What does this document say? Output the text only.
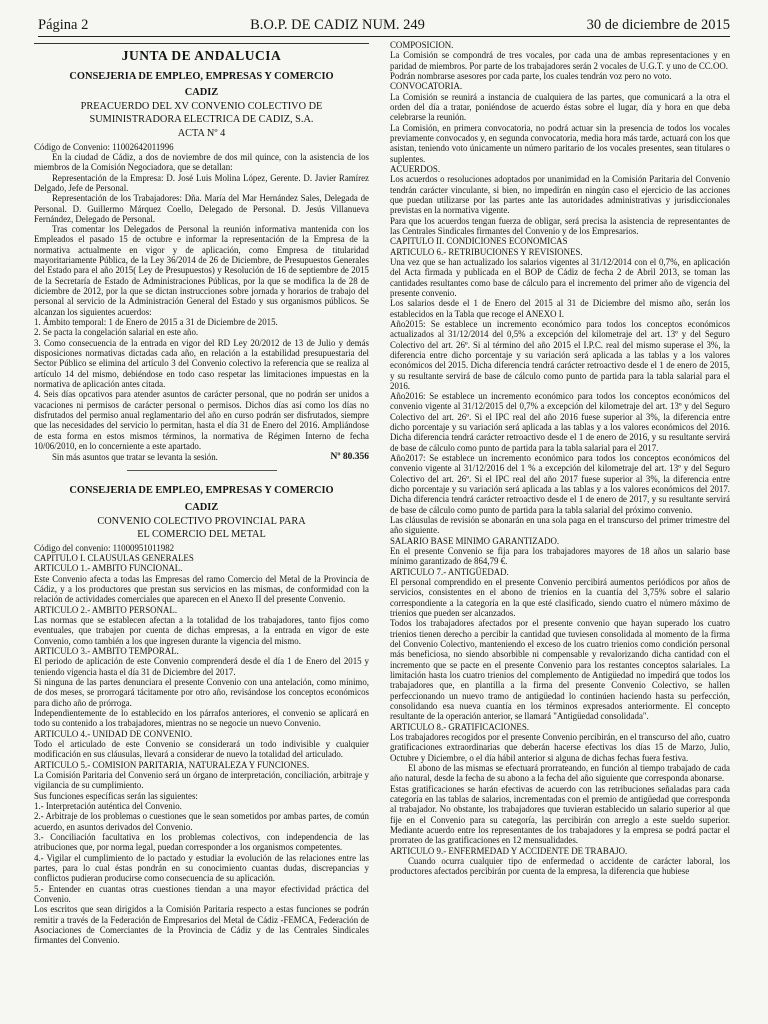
Página 2	B.O.P. DE CADIZ NUM. 249	30 de diciembre de 2015
JUNTA DE ANDALUCIA
CONSEJERIA DE EMPLEO, EMPRESAS Y COMERCIO
CADIZ
PREACUERDO DEL XV CONVENIO COLECTIVO DE
SUMINISTRADORA ELECTRICA DE CADIZ, S.A.
ACTA Nº 4

Código de Convenio: 11002642011996

En la ciudad de Cádiz, a dos de noviembre de dos mil quince, con la asistencia de los miembros de la Comisión Negociadora, que se detallan:

Representación de la Empresa: D. José Luis Molina López, Gerente. D. Javier Ramírez Delgado, Jefe de Personal.

Representación de los Trabajadores: Dña. María del Mar Hernández Sales, Delegada de Personal. D. Guillermo Márquez Coello, Delegado de Personal. D. Jesús Villanueva Fernández, Delegado de Personal.

Tras comentar los Delegados de Personal la reunión informativa mantenida con los Empleados el pasado 15 de octubre e informar la representación de la Empresa de la normativa actualmente en vigor y de aplicación, como Empresa de titularidad mayoritariamente Pública, de la Ley 36/2014 de 26 de Diciembre, de Presupuestos Generales del Estado para el año 2015( Ley de Presupuestos) y Resolución de 16 de septiembre de 2015 de la Secretaría de Estado de Administraciones Públicas, por la que se modifica la de 28 de diciembre de 2012, por la que se dictan instrucciones sobre jornada y horarios de trabajo del personal al servicio de la Administración General del Estado y sus organismos públicos. Se alcanzan los siguientes acuerdos:

1. Ámbito temporal: 1 de Enero de 2015 a 31 de Diciembre de 2015.

2. Se pacta la congelación salarial en este año.

3. Como consecuencia de la entrada en vigor del RD Ley 20/2012 de 13 de Julio y demás disposiciones normativas dictadas cada año, en relación a la estabilidad presupuestaria del Sector Público se elimina del artículo 3 del Convenio colectivo la referencia que se realiza al artículo 14 del mismo, debiéndose en todo caso respetar las limitaciones impuestas en la normativa de aplicación antes citada.

4. Seis días opcativos para atender asuntos de carácter personal, que no podrán ser unidos a vacaciones ni permisos de carácter personal o permisos. Dichos días así como los días no disfrutados del permiso anual reglamentario del año en curso podrán ser disfrutados, siempre que las necesidades del servicio lo permitan, hasta el día 31 de Enero del 2016. Ampliándose de esta forma en estos mismos términos, la normativa de Régimen Interno de fecha 10/06/2010, en lo concerniente a este apartado.

Sin más asuntos que tratar se levanta la sesión.	Nº 80.356
CONSEJERIA DE EMPLEO, EMPRESAS Y COMERCIO
CADIZ
CONVENIO COLECTIVO PROVINCIAL PARA
EL COMERCIO DEL METAL

Código del convenio: 11000951011982

CAPITULO I. CLAUSULAS GENERALES

ARTICULO 1.- AMBITO FUNCIONAL.

Este Convenio afecta a todas las Empresas del ramo Comercio del Metal de la Provincia de Cádiz, y a los productores que prestan sus servicios en las mismas, de conformidad con la relación de actividades comerciales que aparecen en el Anexo II del presente Convenio.

ARTICULO 2.- AMBITO PERSONAL.

Las normas que se establecen afectan a la totalidad de los trabajadores, tanto fijos como eventuales, que trabajen por cuenta de dichas empresas, a la entrada en vigor de este Convenio, como también a los que ingresen durante la vigencia del mismo.

ARTICULO 3.- AMBITO TEMPORAL.

El periodo de aplicación de este Convenio comprenderá desde el día 1 de Enero del 2015 y teniendo vigencia hasta el día 31 de Diciembre del 2017.

Si ninguna de las partes denunciara el presente Convenio con una antelación, como mínimo, de dos meses, se prorrogará tácitamente por otro año, revisándose los conceptos económicos para dicho año de prórroga.

Independientemente de lo establecido en los párrafos anteriores, el convenio se aplicará en todo su contenido a los trabajadores, mientras no se negocie un nuevo Convenio.

ARTICULO 4.- UNIDAD DE CONVENIO.

Todo el articulado de este Convenio se considerará un todo indivisible y cualquier modificación en sus cláusulas, llevará a considerar de nuevo la totalidad del articulado.

ARTICULO 5.- COMISION PARITARIA, NATURALEZA Y FUNCIONES.

La Comisión Paritaria del Convenio será un órgano de interpretación, conciliación, arbitraje y vigilancia de su cumplimiento.

Sus funciones específicas serán las siguientes:

1.- Interpretación auténtica del Convenio.

2.- Arbitraje de los problemas o cuestiones que le sean sometidos por ambas partes, de común acuerdo, en asuntos derivados del Convenio.

3.- Conciliación facultativa en los problemas colectivos, con independencia de las atribuciones que, por norma legal, puedan corresponder a los organismos competentes.

4.- Vigilar el cumplimiento de lo pactado y estudiar la evolución de las relaciones entre las partes, para lo cual éstas pondrán en su conocimiento cuantas dudas, discrepancias y conflictos pudieran producirse como consecuencia de su aplicación.

5.- Entender en cuantas otras cuestiones tiendan a una mayor efectividad práctica del Convenio.

Los escritos que sean dirigidos a la Comisión Paritaria respecto a estas funciones se podrán remitir a través de la Federación de Empresarios del Metal de Cádiz -FEMCA, Federación de Asociaciones de Comerciantes de la Provincia de Cádiz y de las Centrales Sindicales firmantes del Convenio.

COMPOSICION.

La Comisión se compondrá de tres vocales, por cada una de ambas representaciones y en paridad de miembros. Por parte de los trabajadores serán 2 vocales de U.G.T. y uno de CC.OO.

Podrán nombrarse asesores por cada parte, los cuales tendrán voz pero no voto.

CONVOCATORIA.

La Comisión se reunirá a instancia de cualquiera de las partes, que comunicará a la otra el orden del día a tratar, poniéndose de acuerdo éstas sobre el lugar, día y hora en que deba celebrarse la reunión.

La Comisión, en primera convocatoria, no podrá actuar sin la presencia de todos los vocales previamente convocados y, en segunda convocatoria, media hora más tarde, actuará con los que asistan, teniendo voto únicamente un número paritario de los vocales presentes, sean titulares o suplentes.

ACUERDOS.

Los acuerdos o resoluciones adoptados por unanimidad en la Comisión Paritaria del Convenio tendrán carácter vinculante, si bien, no impedirán en ningún caso el ejercicio de las acciones que puedan utilizarse por las partes ante las autoridades administrativas y jurisdiccionales previstas en la normativa vigente.

Para que los acuerdos tengan fuerza de obligar, será precisa la asistencia de representantes de las Centrales Sindicales firmantes del Convenio y de los Empresarios.

CAPITULO II. CONDICIONES ECONOMICAS

ARTICULO 6.- RETRIBUCIONES Y REVISIONES.

Una vez que se han actualizado los salarios vigentes al 31/12/2014 con el 0,7%, en aplicación del Acta firmada y publicada en el BOP de Cádiz de fecha 2 de Abril 2013, se toman las cantidades resultantes como base de cálculo para el incremento del primer año de vigencia del presente convenio.

Los salarios desde el 1 de Enero del 2015 al 31 de Diciembre del mismo año, serán los establecidos en la Tabla que recoge el ANEXO I.

Año2015: Se establece un incremento económico para todos los conceptos económicos actualizados al 31/12/2014 del 0,5% a excepción del kilometraje del art. 13º y del Seguro Colectivo del art. 26º. Si al término del año 2015 el I.P.C. real del mismo superase el 3%, la diferencia entre dicho porcentaje y su variación será aplicada a las tablas y a los valores económicos del 2015. Dicha diferencia tendrá carácter retroactivo desde el 1 de enero de 2015, y su resultante servirá de base de cálculo como punto de partida para la tabla salarial para el 2016.

Año2016: Se establece un incremento económico para todos los conceptos económicos del convenio vigente al 31/12/2015 del 0,7% a excepción del kilometraje del art. 13º y del Seguro Colectivo del art. 26º. Si el IPC real del año 2016 fuese superior al 3%, la diferencia entre dicho porcentaje y su variación será aplicada a las tablas y a los valores económicos del 2016. Dicha diferencia tendrá carácter retroactivo desde el 1 de enero de 2016, y su resultante servirá de base de cálculo como punto de partida para la tabla salarial para el 2017.

Año2017: Se establece un incremento económico para todos los conceptos económicos del convenio vigente al 31/12/2016 del 1 % a excepción del kilometraje del art. 13º y del Seguro Colectivo del art. 26º. Si el IPC real del año 2017 fuese superior al 3%, la diferencia entre dicho porcentaje y su variación será aplicada a las tablas y a los valores económicos del 2017. Dicha diferencia tendrá carácter retroactivo desde el 1 de enero de 2017, y su resultante servirá de base de cálculo como punto de partida para la tabla salarial del próximo convenio.

Las cláusulas de revisión se abonarán en una sola paga en el transcurso del primer trimestre del año siguiente.

SALARIO BASE MINIMO GARANTIZADO.

En el presente Convenio se fija para los trabajadores mayores de 18 años un salario base mínimo garantizado de 864,79 €.

ARTICULO 7.- ANTIGÜEDAD.

El personal comprendido en el presente Convenio percibirá aumentos periódicos por años de servicios, consistentes en el abono de trienios en la cuantía del 3,75% sobre el salario correspondiente a la categoría en la que esté clasificado, siendo cuatro el número máximo de trienios que pueden ser alcanzados.

Todos los trabajadores afectados por el presente convenio que hayan superado los cuatro trienios tienen derecho a percibir la cantidad que tuviesen consolidada al momento de la firma del Convenio Colectivo, manteniendo el exceso de los cuatro trienios como condición personal más beneficiosa, no siendo absorbible ni compensable y revalorizando dicha cantidad con el incremento que se pacte en el presente Convenio para los restantes conceptos salariales. La limitación hasta los cuatro trienios del complemento de Antigüedad no impedirá que todos los trabajadores que, en plantilla a la firma del presente Convenio Colectivo, se hallen perfeccionando un nuevo tramo de antigüedad lo continúen haciendo hasta su perfección, consolidando esa nueva cuantía en los términos expresados anteriormente. El concepto resultante de la operación anterior, se llamará "Antigüedad consolidada".

ARTICULO 8.- GRATIFICACIONES.

Los trabajadores recogidos por el presente Convenio percibirán, en el transcurso del año, cuatro gratificaciones extraordinarias que deberán hacerse efectivas los días 15 de Marzo, Julio, Octubre y Diciembre, o el día hábil anterior si alguna de dichas fechas fuera festiva.

El abono de las mismas se efectuará prorrateando, en función al tiempo trabajado de cada año natural, desde la fecha de su abono a la fecha del año siguiente que corresponda abonarse.

Estas gratificaciones se harán efectivas de acuerdo con las retribuciones señaladas para cada categoría en las tablas de salarios, incrementadas con el premio de antigüedad que corresponda al trabajador. No obstante, los trabajadores que tuvieran establecido un salario superior al que fije en el Convenio para su categoría, las percibirán con arreglo a este sueldo superior. Mediante acuerdo entre los representantes de los trabajadores y la empresa se podrá pactar el prorrateo de las gratificaciones en 12 mensualidades.

ARTICULO 9.- ENFERMEDAD Y ACCIDENTE DE TRABAJO.

Cuando ocurra cualquier tipo de enfermedad o accidente de carácter laboral, los productores afectados percibirán por cuenta de la empresa, la diferencia que hubiese
